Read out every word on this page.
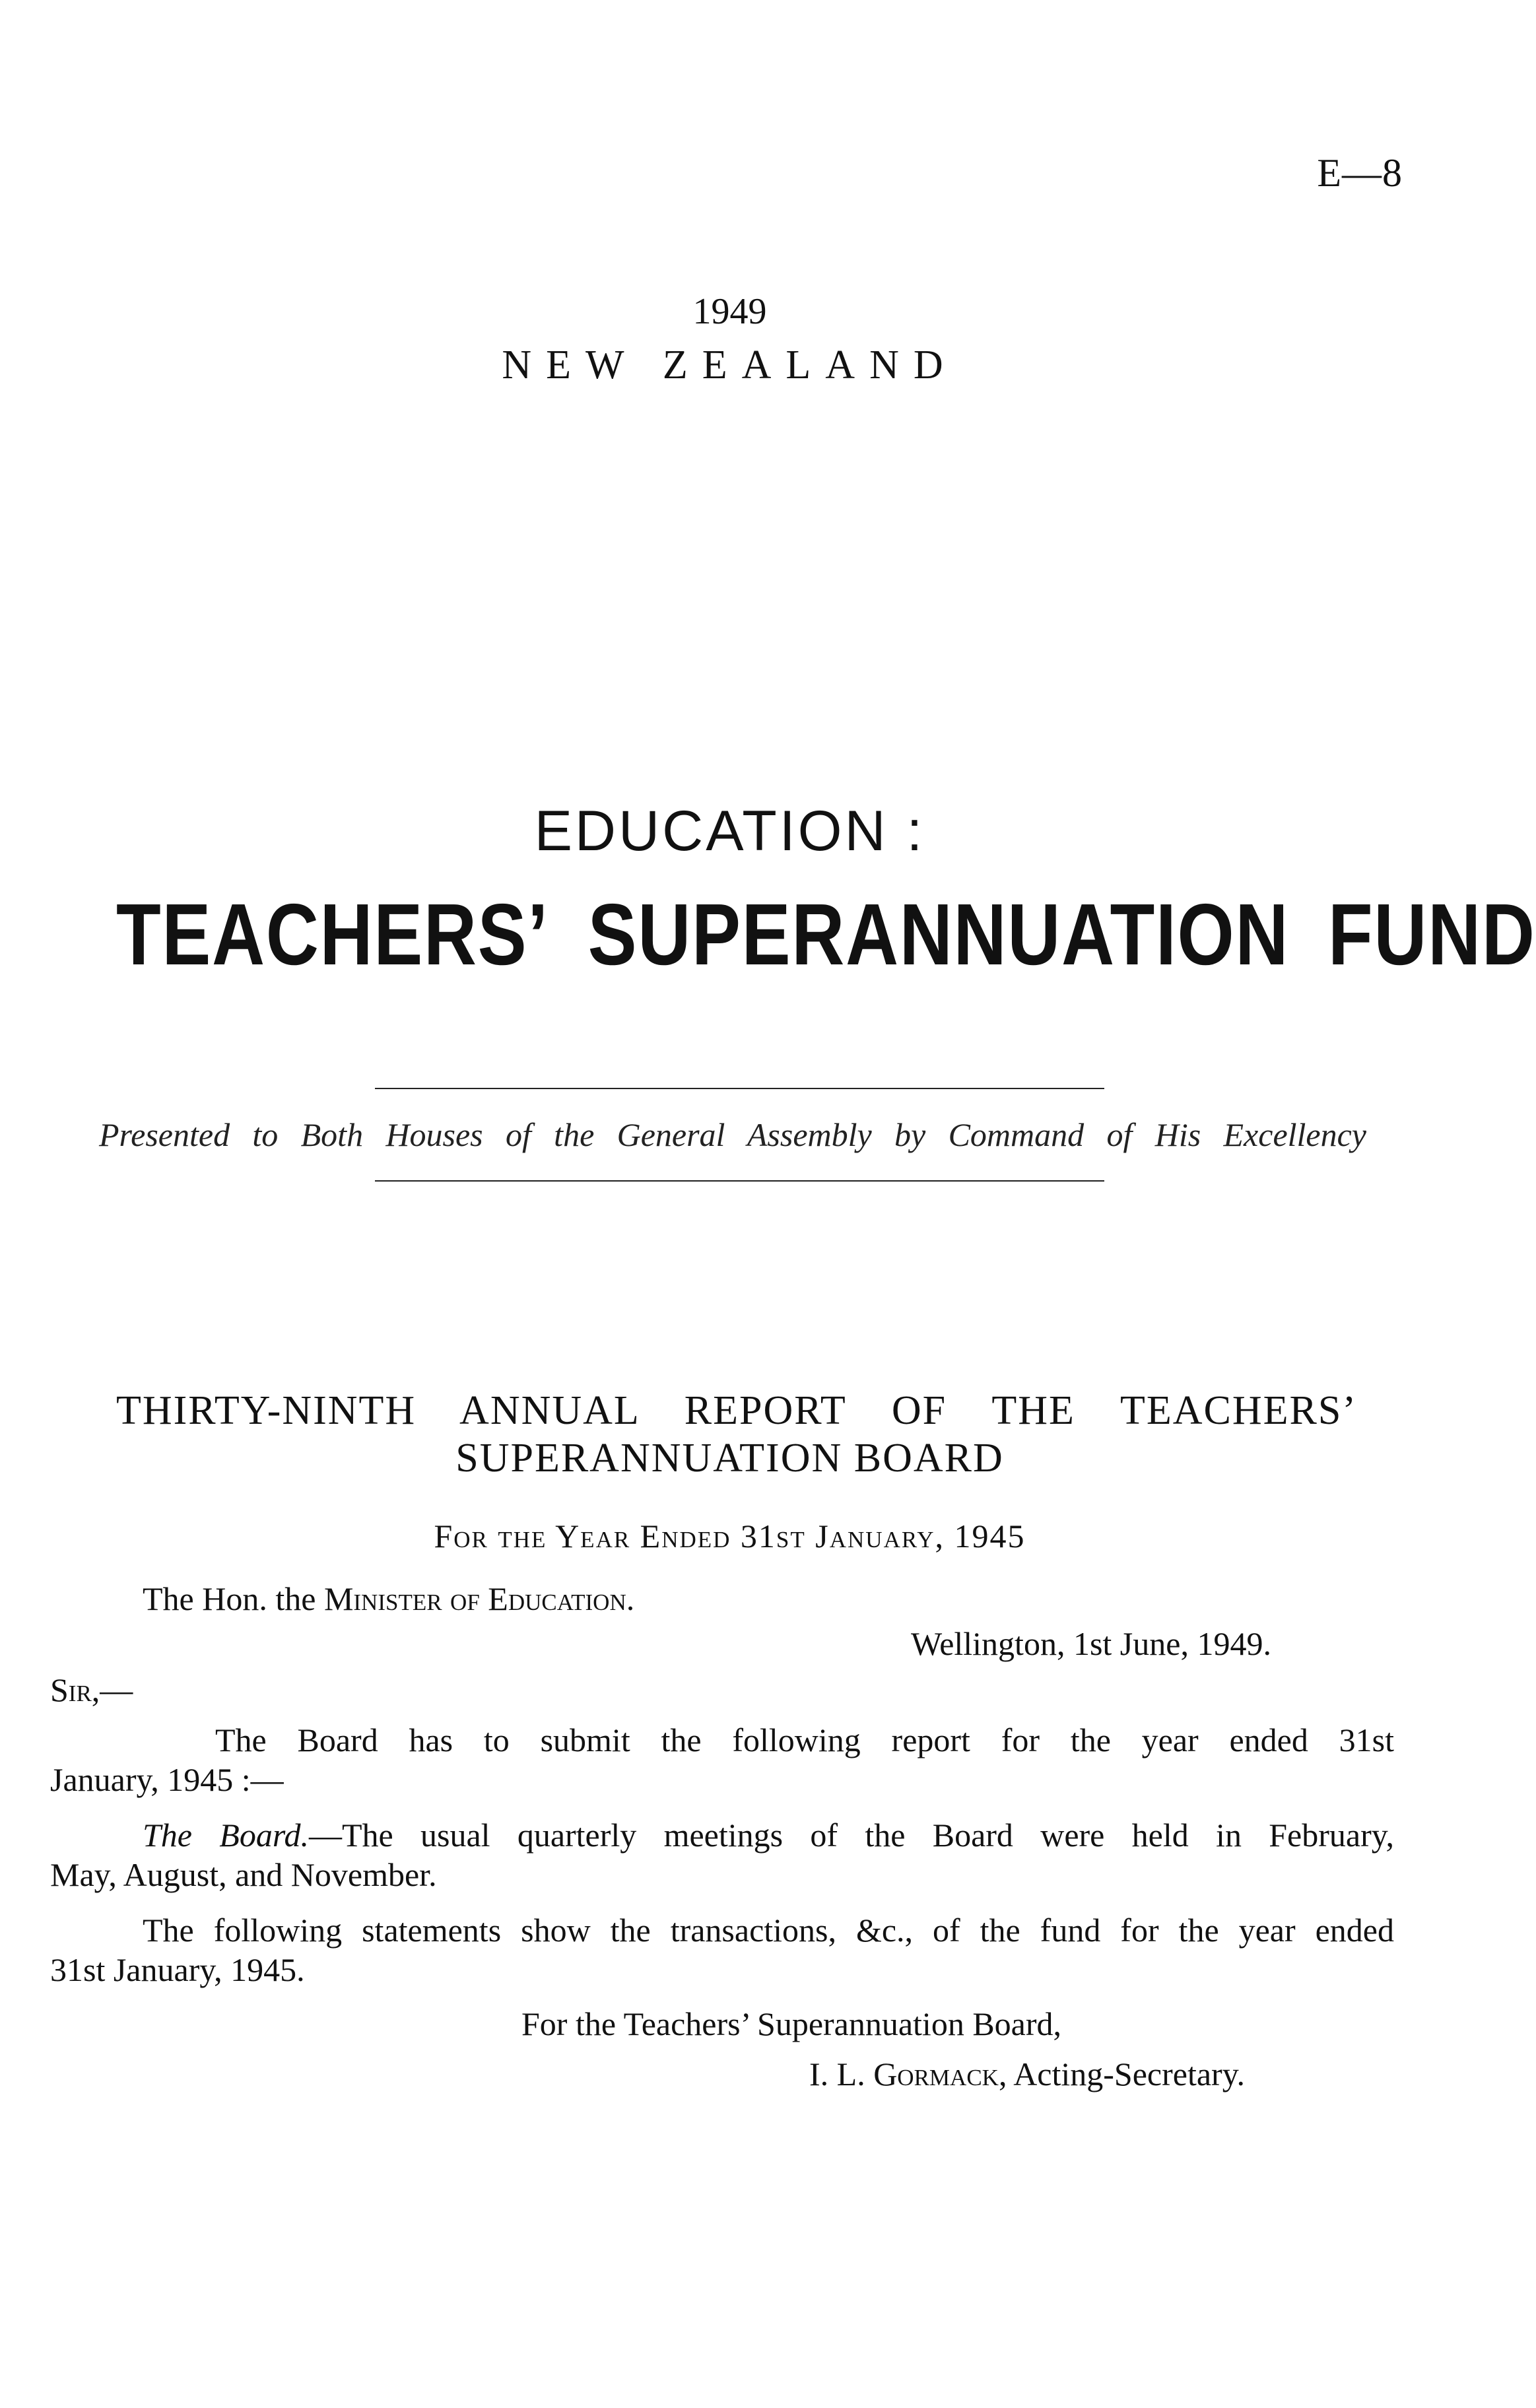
E—8
1949
NEW ZEALAND
EDUCATION :
TEACHERS’ SUPERANNUATION FUND
Presented to Both Houses of the General Assembly by Command of His Excellency
THIRTY-NINTH ANNUAL REPORT OF THE TEACHERS’
SUPERANNUATION BOARD
For the Year Ended 31st January, 1945
The Hon. the Minister of Education.
Wellington, 1st June, 1949.
Sir,—
The Board has to submit the following report for the year ended 31st
January, 1945 :—
The Board.—The usual quarterly meetings of the Board were held in February,
May, August, and November.
The following statements show the transactions, &c., of the fund for the year ended
31st January, 1945.
For the Teachers’ Superannuation Board,
I. L. Gormack, Acting-Secretary.
